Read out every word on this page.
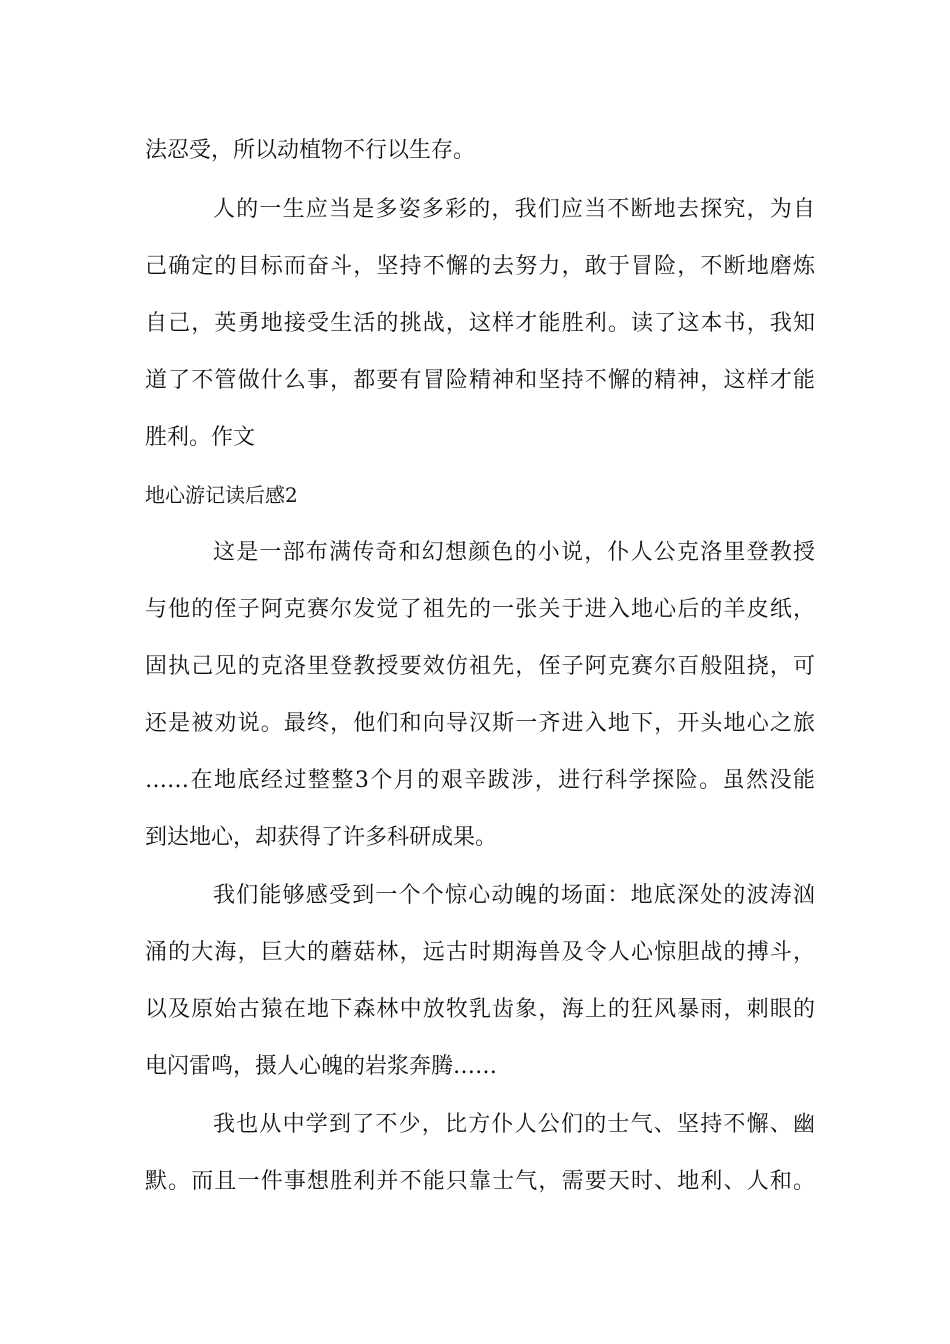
法忍受，所以动植物不行以生存。
人的一生应当是多姿多彩的，我们应当不断地去探究，为自
己确定的目标而奋斗，坚持不懈的去努力，敢于冒险，不断地磨炼
自己，英勇地接受生活的挑战，这样才能胜利。读了这本书，我知
道了不管做什么事，都要有冒险精神和坚持不懈的精神，这样才能
胜利。作文
地心游记读后感2
这是一部布满传奇和幻想颜色的小说，仆人公克洛里登教授
与他的侄子阿克赛尔发觉了祖先的一张关于进入地心后的羊皮纸，
固执己见的克洛里登教授要效仿祖先，侄子阿克赛尔百般阻挠，可
还是被劝说。最终，他们和向导汉斯一齐进入地下，开头地心之旅
……在地底经过整整3个月的艰辛跋涉，进行科学探险。虽然没能
到达地心，却获得了许多科研成果。
我们能够感受到一个个惊心动魄的场面：地底深处的波涛汹
涌的大海，巨大的蘑菇林，远古时期海兽及令人心惊胆战的搏斗，
以及原始古猿在地下森林中放牧乳齿象，海上的狂风暴雨，刺眼的
电闪雷鸣，摄人心魄的岩浆奔腾……
我也从中学到了不少，比方仆人公们的士气、坚持不懈、幽
默。而且一件事想胜利并不能只靠士气，需要天时、地利、人和。
